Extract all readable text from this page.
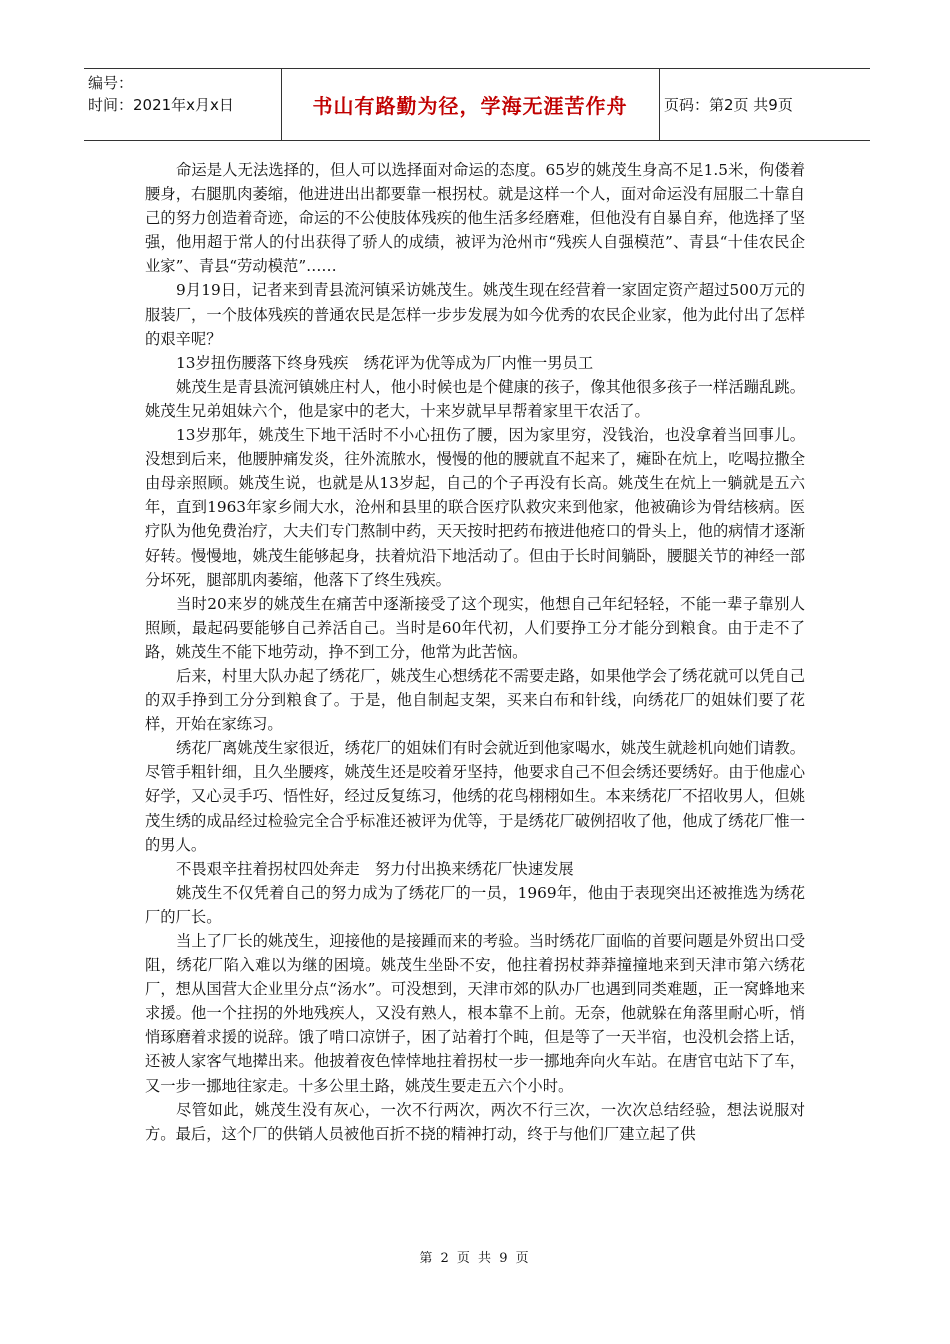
编号：
时间：2021年x月x日	书山有路勤为径，学海无涯苦作舟	页码：第2页 共9页

命运是人无法选择的，但人可以选择面对命运的态度。65岁的姚茂生身高不足1.5米，佝偻着腰身，右腿肌肉萎缩，他进进出出都要靠一根拐杖。就是这样一个人，面对命运没有屈服二十靠自己的努力创造着奇迹，命运的不公使肢体残疾的他生活多经磨难，但他没有自暴自弃，他选择了坚强，他用超于常人的付出获得了骄人的成绩，被评为沧州市“残疾人自强模范”、青县“十佳农民企业家”、青县“劳动模范”……

9月19日，记者来到青县流河镇采访姚茂生。姚茂生现在经营着一家固定资产超过500万元的服装厂，一个肢体残疾的普通农民是怎样一步步发展为如今优秀的农民企业家，他为此付出了怎样的艰辛呢？

13岁扭伤腰落下终身残疾　绣花评为优等成为厂内惟一男员工

姚茂生是青县流河镇姚庄村人，他小时候也是个健康的孩子，像其他很多孩子一样活蹦乱跳。姚茂生兄弟姐妹六个，他是家中的老大，十来岁就早早帮着家里干农活了。

13岁那年，姚茂生下地干活时不小心扭伤了腰，因为家里穷，没钱治，也没拿着当回事儿。没想到后来，他腰肿痛发炎，往外流脓水，慢慢的他的腰就直不起来了，瘫卧在炕上，吃喝拉撒全由母亲照顾。姚茂生说，也就是从13岁起，自己的个子再没有长高。姚茂生在炕上一躺就是五六年，直到1963年家乡闹大水，沧州和县里的联合医疗队救灾来到他家，他被确诊为骨结核病。医疗队为他免费治疗，大夫们专门熬制中药，天天按时把药布掖进他疮口的骨头上，他的病情才逐渐好转。慢慢地，姚茂生能够起身，扶着炕沿下地活动了。但由于长时间躺卧，腰腿关节的神经一部分坏死，腿部肌肉萎缩，他落下了终生残疾。

当时20来岁的姚茂生在痛苦中逐渐接受了这个现实，他想自己年纪轻轻，不能一辈子靠别人照顾，最起码要能够自己养活自己。当时是60年代初，人们要挣工分才能分到粮食。由于走不了路，姚茂生不能下地劳动，挣不到工分，他常为此苦恼。

后来，村里大队办起了绣花厂，姚茂生心想绣花不需要走路，如果他学会了绣花就可以凭自己的双手挣到工分分到粮食了。于是，他自制起支架，买来白布和针线，向绣花厂的姐妹们要了花样，开始在家练习。

绣花厂离姚茂生家很近，绣花厂的姐妹们有时会就近到他家喝水，姚茂生就趁机向她们请教。尽管手粗针细，且久坐腰疼，姚茂生还是咬着牙坚持，他要求自己不但会绣还要绣好。由于他虚心好学，又心灵手巧、悟性好，经过反复练习，他绣的花鸟栩栩如生。本来绣花厂不招收男人，但姚茂生绣的成品经过检验完全合乎标准还被评为优等，于是绣花厂破例招收了他，他成了绣花厂惟一的男人。

不畏艰辛拄着拐杖四处奔走　努力付出换来绣花厂快速发展

姚茂生不仅凭着自己的努力成为了绣花厂的一员，1969年，他由于表现突出还被推选为绣花厂的厂长。

当上了厂长的姚茂生，迎接他的是接踵而来的考验。当时绣花厂面临的首要问题是外贸出口受阻，绣花厂陷入难以为继的困境。姚茂生坐卧不安，他拄着拐杖莽莽撞撞地来到天津市第六绣花厂，想从国营大企业里分点“汤水”。可没想到，天津市郊的队办厂也遇到同类难题，正一窝蜂地来求援。他一个拄拐的外地残疾人，又没有熟人，根本靠不上前。无奈，他就躲在角落里耐心听，悄悄琢磨着求援的说辞。饿了啃口凉饼子，困了站着打个盹，但是等了一天半宿，也没机会搭上话，还被人家客气地撵出来。他披着夜色悻悻地拄着拐杖一步一挪地奔向火车站。在唐官屯站下了车，又一步一挪地往家走。十多公里土路，姚茂生要走五六个小时。

尽管如此，姚茂生没有灰心，一次不行两次，两次不行三次，一次次总结经验，想法说服对方。最后，这个厂的供销人员被他百折不挠的精神打动，终于与他们厂建立起了供

第 2 页 共 9 页
